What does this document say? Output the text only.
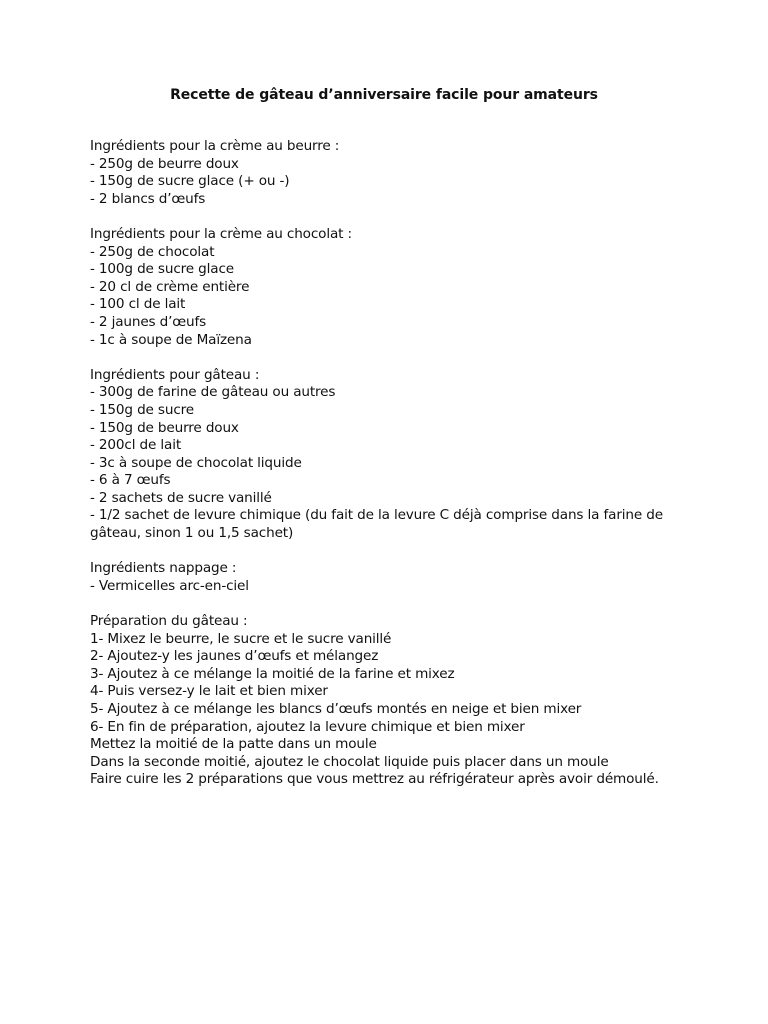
Recette de gâteau d’anniversaire facile pour amateurs
Ingrédients pour la crème au beurre :
- 250g de beurre doux
- 150g de sucre glace (+ ou -)
- 2 blancs d’œufs
Ingrédients pour la crème au chocolat :
- 250g de chocolat
- 100g de sucre glace
- 20 cl de crème entière
- 100 cl de lait
- 2 jaunes d’œufs
- 1c à soupe de Maïzena
Ingrédients pour gâteau :
- 300g de farine de gâteau ou autres
- 150g de sucre
- 150g de beurre doux
- 200cl de lait
- 3c à soupe de chocolat liquide
- 6 à 7 œufs
- 2 sachets de sucre vanillé
- 1/2 sachet de levure chimique (du fait de la levure C déjà comprise dans la farine de gâteau, sinon 1 ou 1,5 sachet)
Ingrédients nappage :
- Vermicelles arc-en-ciel
Préparation du gâteau :
1- Mixez le beurre, le sucre et le sucre vanillé
2- Ajoutez-y les jaunes d’œufs et mélangez
3- Ajoutez à ce mélange la moitié de la farine et mixez
4- Puis versez-y le lait et bien mixer
5- Ajoutez à ce mélange les blancs d’œufs montés en neige et bien mixer
6- En fin de préparation, ajoutez la levure chimique et bien mixer
Mettez la moitié de la patte dans un moule
Dans la seconde moitié, ajoutez le chocolat liquide puis placer dans un moule
Faire cuire les 2 préparations que vous mettrez au réfrigérateur après avoir démoulé.
